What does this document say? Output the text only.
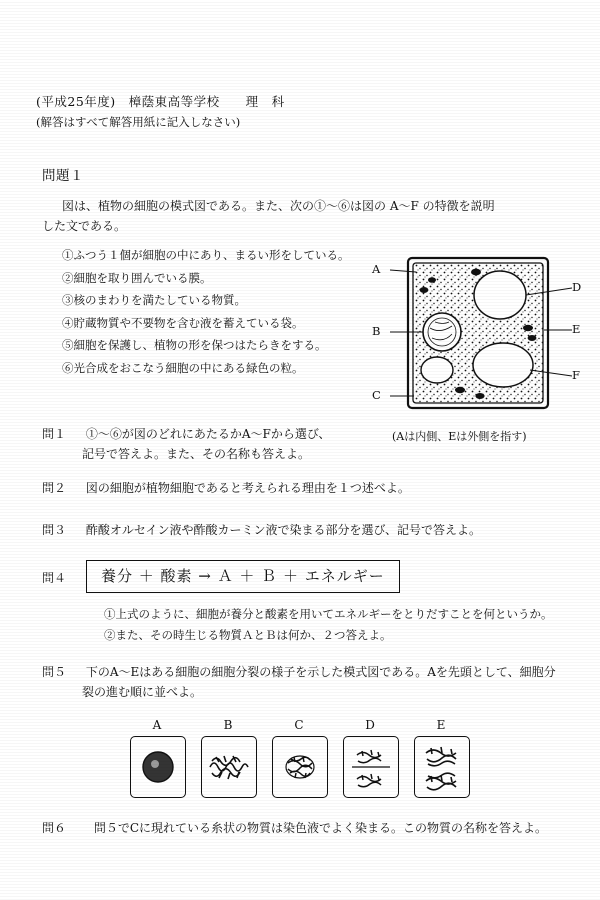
(平成25年度)　樟蔭東高等学校　　理　科
(解答はすべて解答用紙に記入しなさい)
問題１
図は、植物の細胞の模式図である。また、次の①～⑥は図の A～F の特徴を説明
した文である。
①ふつう１個が細胞の中にあり、まるい形をしている。
②細胞を取り囲んでいる膜。
③核のまわりを満たしている物質。
④貯蔵物質や不要物を含む液を蓄えている袋。
⑤細胞を保護し、植物の形を保つはたらきをする。
⑥光合成をおこなう細胞の中にある緑色の粒。
A
B
C
D
E
F
(Aは内側、Eは外側を指す)
問１ ①～⑥が図のどれにあたるかA～Fから選び、
記号で答えよ。また、その名称も答えよ。
問２ 図の細胞が植物細胞であると考えられる理由を１つ述べよ。
問３ 酢酸オルセイン液や酢酸カーミン液で染まる部分を選び、記号で答えよ。
問４	養分 ＋ 酸素 → Ａ ＋ Ｂ ＋ エネルギー
①上式のように、細胞が養分と酸素を用いてエネルギーをとりだすことを何というか。
②また、その時生じる物質ＡとＢは何か、２つ答えよ。
問５ 下のA～Eはある細胞の細胞分裂の様子を示した模式図である。Aを先頭として、細胞分
裂の進む順に並べよ。
A	B	C	D	E
問６ 問５でCに現れている糸状の物質は染色液でよく染まる。この物質の名称を答えよ。
